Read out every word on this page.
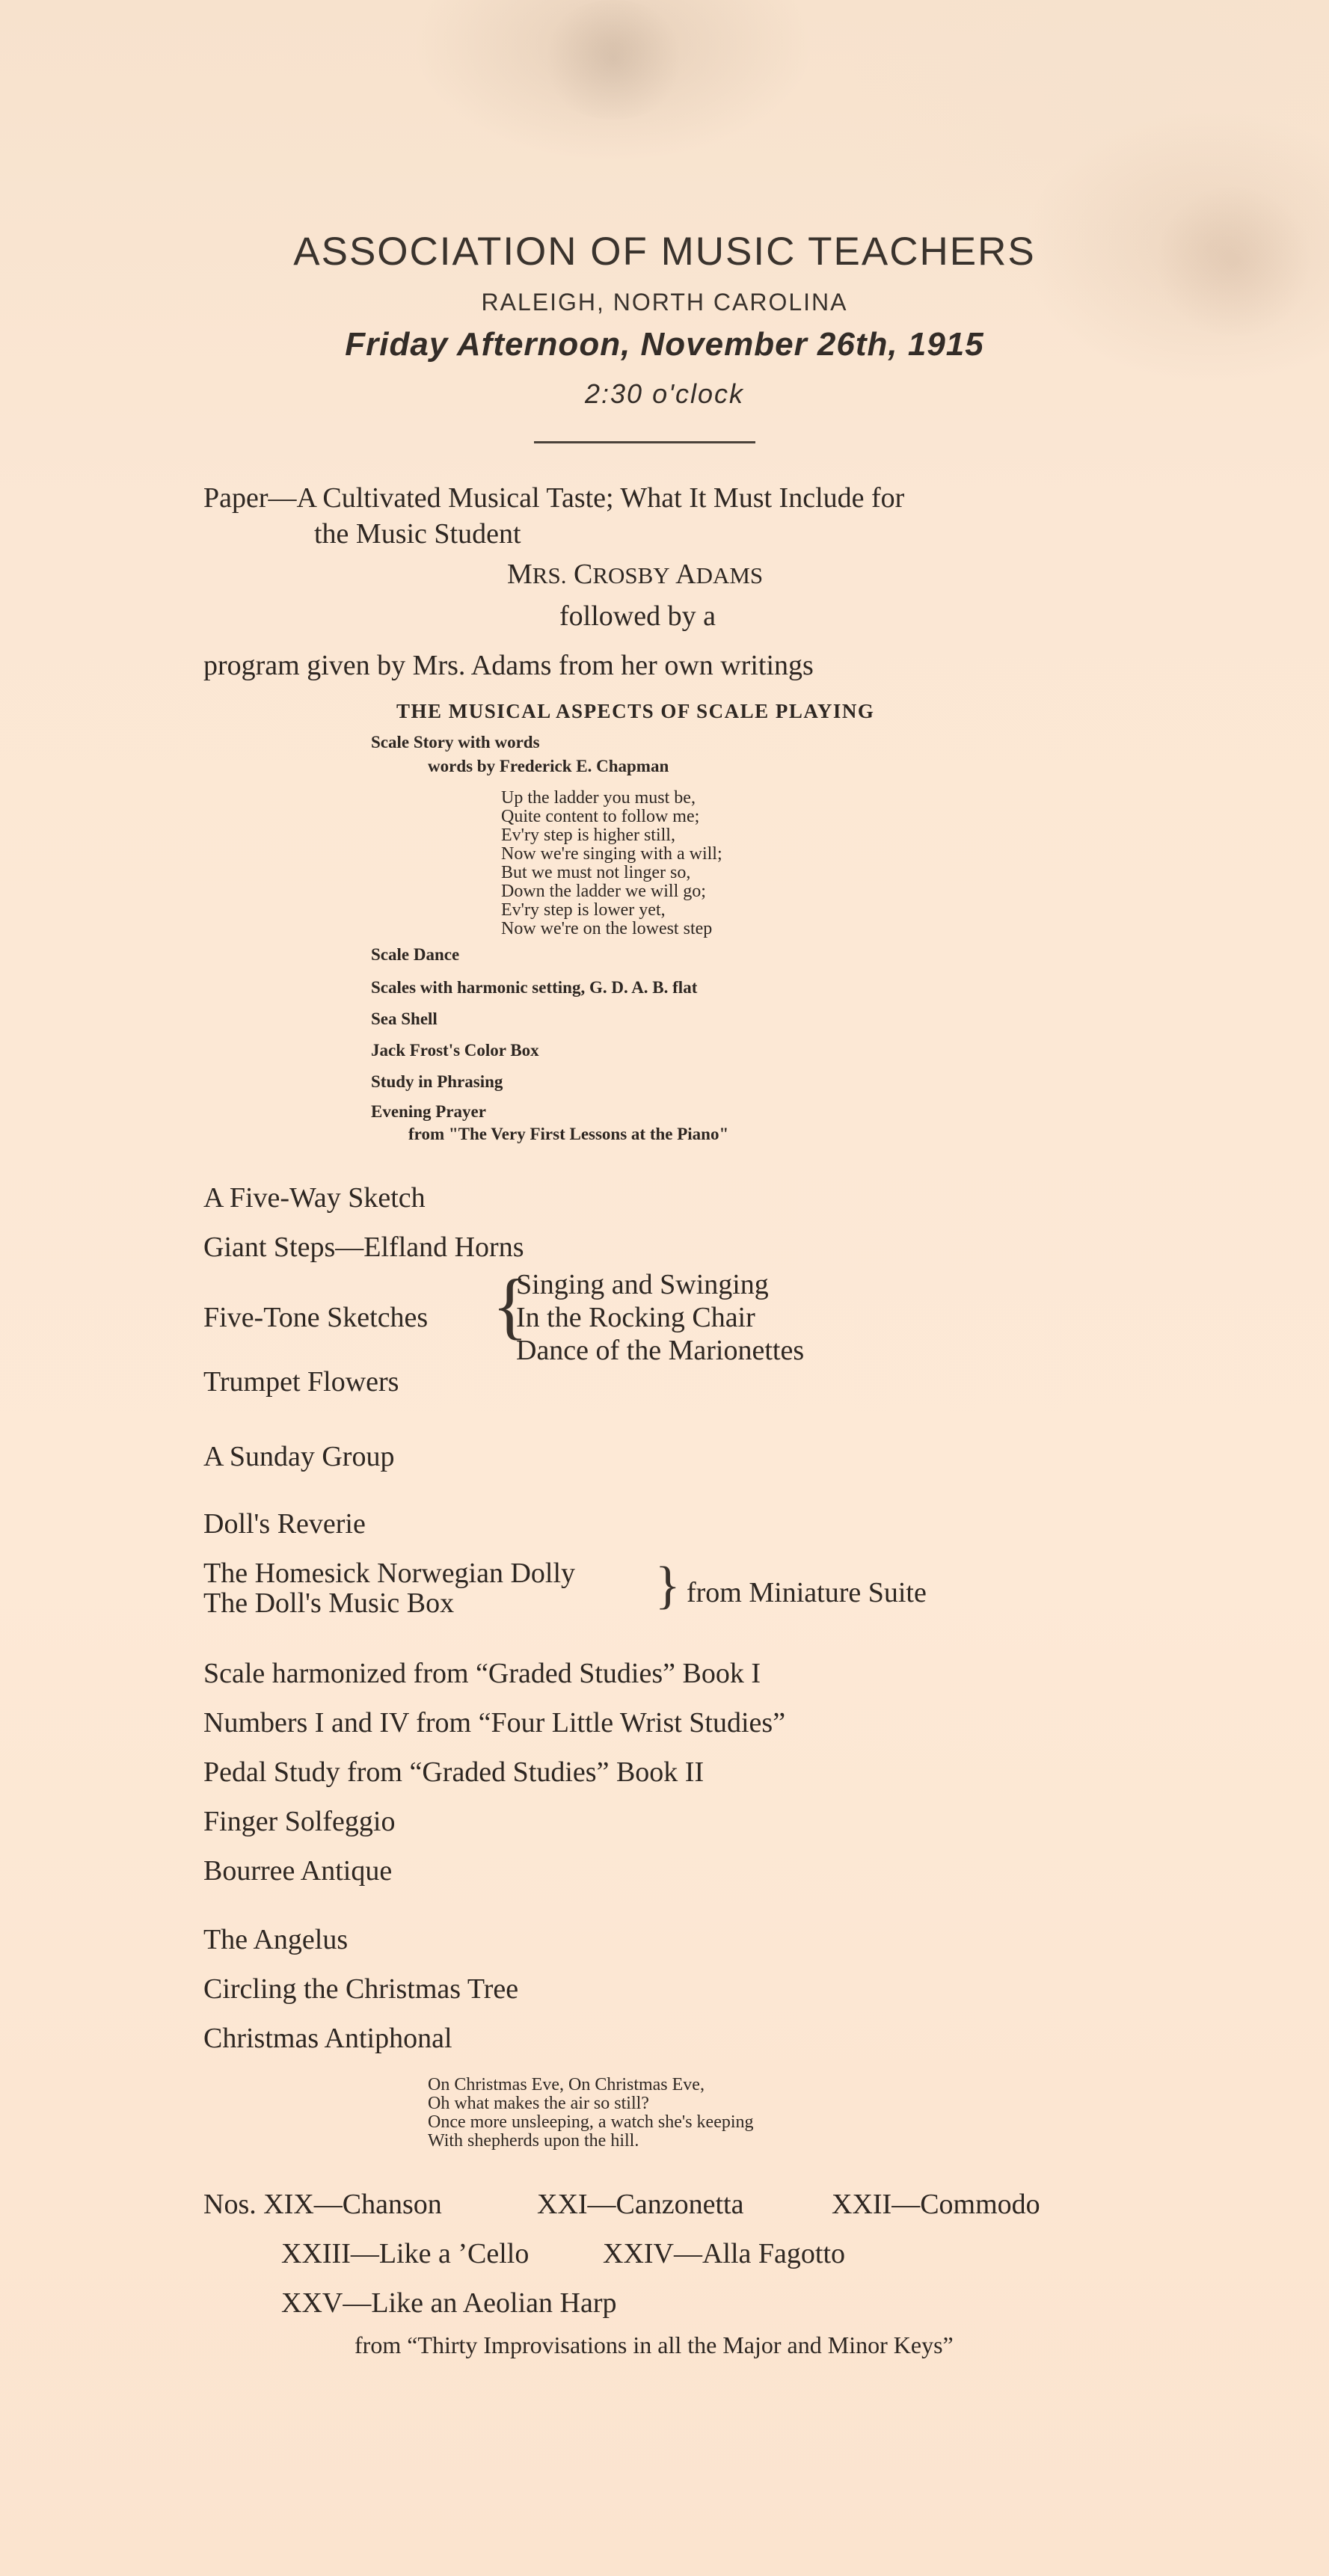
ASSOCIATION OF MUSIC TEACHERS
RALEIGH, NORTH CAROLINA
Friday Afternoon, November 26th, 1915
2:30 o'clock
Paper—A Cultivated Musical Taste; What It Must Include for
the Music Student
MRS. CROSBY ADAMS
followed by a
program given by Mrs. Adams from her own writings
THE MUSICAL ASPECTS OF SCALE PLAYING
Scale Story with words
words by Frederick E. Chapman
Up the ladder you must be,
Quite content to follow me;
Ev'ry step is higher still,
Now we're singing with a will;
But we must not linger so,
Down the ladder we will go;
Ev'ry step is lower yet,
Now we're on the lowest step
Scale Dance
Scales with harmonic setting, G. D. A. B. flat
Sea Shell
Jack Frost's Color Box
Study in Phrasing
Evening Prayer
from "The Very First Lessons at the Piano"
A Five-Way Sketch
Giant Steps—Elfland Horns
Five-Tone Sketches {
Singing and Swinging
In the Rocking Chair
Dance of the Marionettes
Trumpet Flowers
A Sunday Group
Doll's Reverie
The Homesick Norwegian Dolly
The Doll's Music Box	} from Miniature Suite
Scale harmonized from “Graded Studies” Book I
Numbers I and IV from “Four Little Wrist Studies”
Pedal Study from “Graded Studies” Book II
Finger Solfeggio
Bourree Antique
The Angelus
Circling the Christmas Tree
Christmas Antiphonal
On Christmas Eve, On Christmas Eve,
Oh what makes the air so still?
Once more unsleeping, a watch she's keeping
With shepherds upon the hill.
Nos. XIX—Chanson	XXI—Canzonetta	XXII—Commodo
XXIII—Like a ’Cello	XXIV—Alla Fagotto
XXV—Like an Aeolian Harp
from “Thirty Improvisations in all the Major and Minor Keys”
